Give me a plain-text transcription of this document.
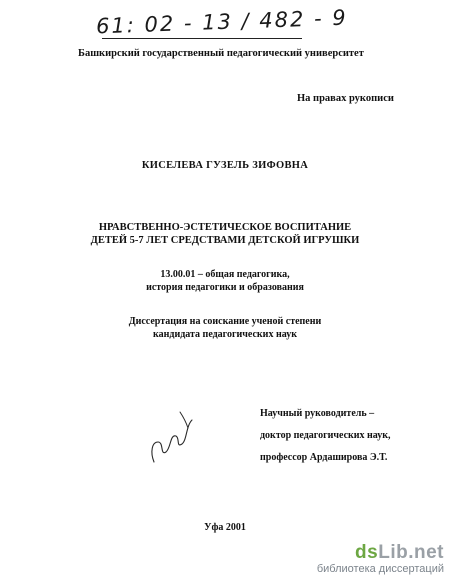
61: 02 - 13 / 482 - 9
Башкирский государственный педагогический университет
На правах рукописи
КИСЕЛЕВА ГУЗЕЛЬ ЗИФОВНА
НРАВСТВЕННО-ЭСТЕТИЧЕСКОЕ ВОСПИТАНИЕ
ДЕТЕЙ 5-7 ЛЕТ СРЕДСТВАМИ ДЕТСКОЙ ИГРУШКИ
13.00.01 – общая педагогика,
история педагогики и образования
Диссертация на соискание ученой степени
кандидата педагогических наук
Научный руководитель –
доктор педагогических наук,
профессор Ардаширова Э.Т.
Уфа 2001
dsLib.net
библиотека диссертаций
